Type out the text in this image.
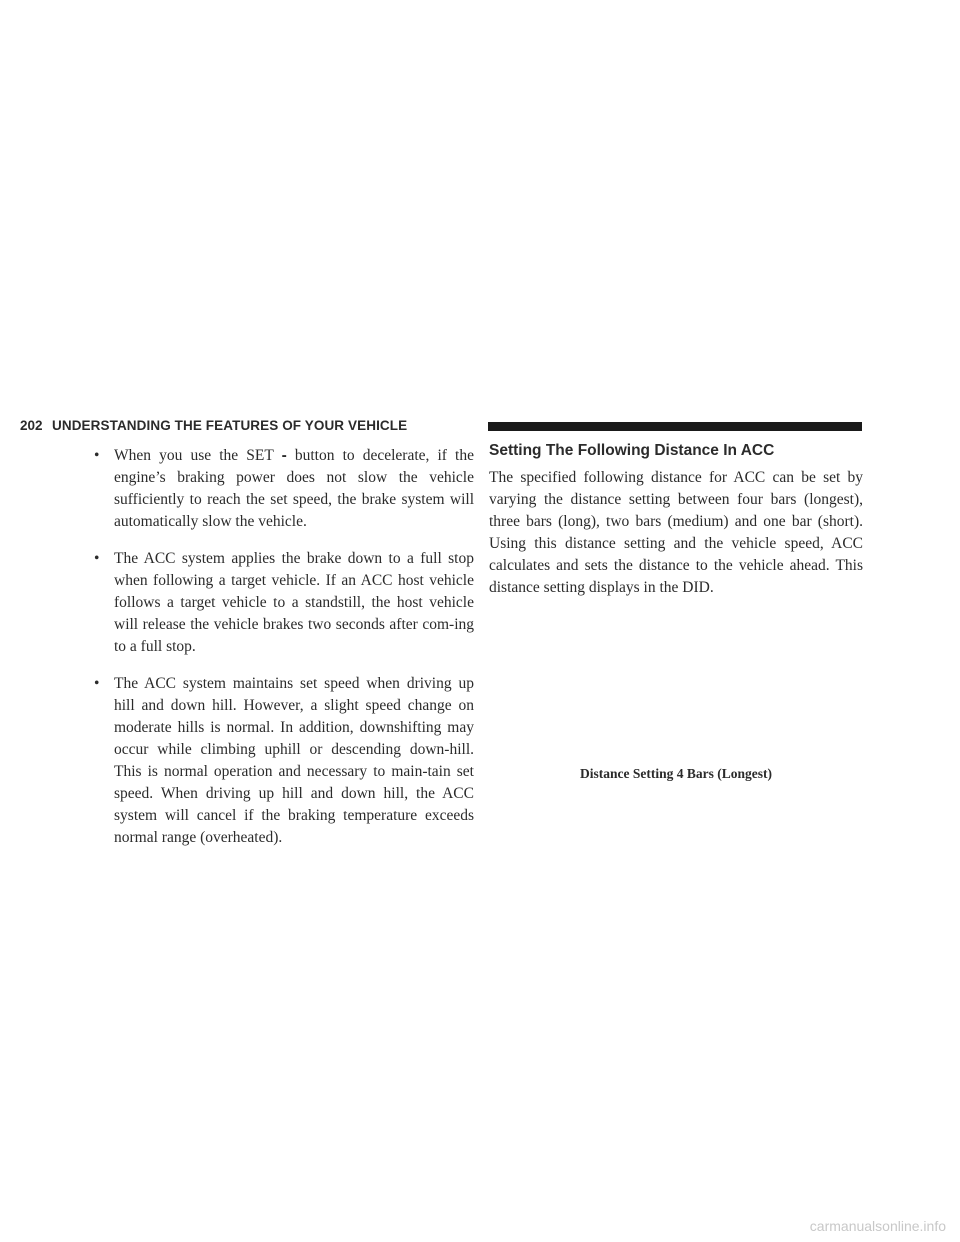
202 UNDERSTANDING THE FEATURES OF YOUR VEHICLE
• When you use the SET - button to decelerate, if the engine’s braking power does not slow the vehicle sufficiently to reach the set speed, the brake system will automatically slow the vehicle.

• The ACC system applies the brake down to a full stop when following a target vehicle. If an ACC host vehicle follows a target vehicle to a standstill, the host vehicle will release the vehicle brakes two seconds after com-ing to a full stop.

• The ACC system maintains set speed when driving up hill and down hill. However, a slight speed change on moderate hills is normal. In addition, downshifting may occur while climbing uphill or descending down-hill. This is normal operation and necessary to main-tain set speed. When driving up hill and down hill, the ACC system will cancel if the braking temperature exceeds normal range (overheated).

Setting The Following Distance In ACC

The specified following distance for ACC can be set by varying the distance setting between four bars (longest), three bars (long), two bars (medium) and one bar (short). Using this distance setting and the vehicle speed, ACC calculates and sets the distance to the vehicle ahead. This distance setting displays in the DID.

Distance Setting 4 Bars (Longest)
carmanualsonline.info
